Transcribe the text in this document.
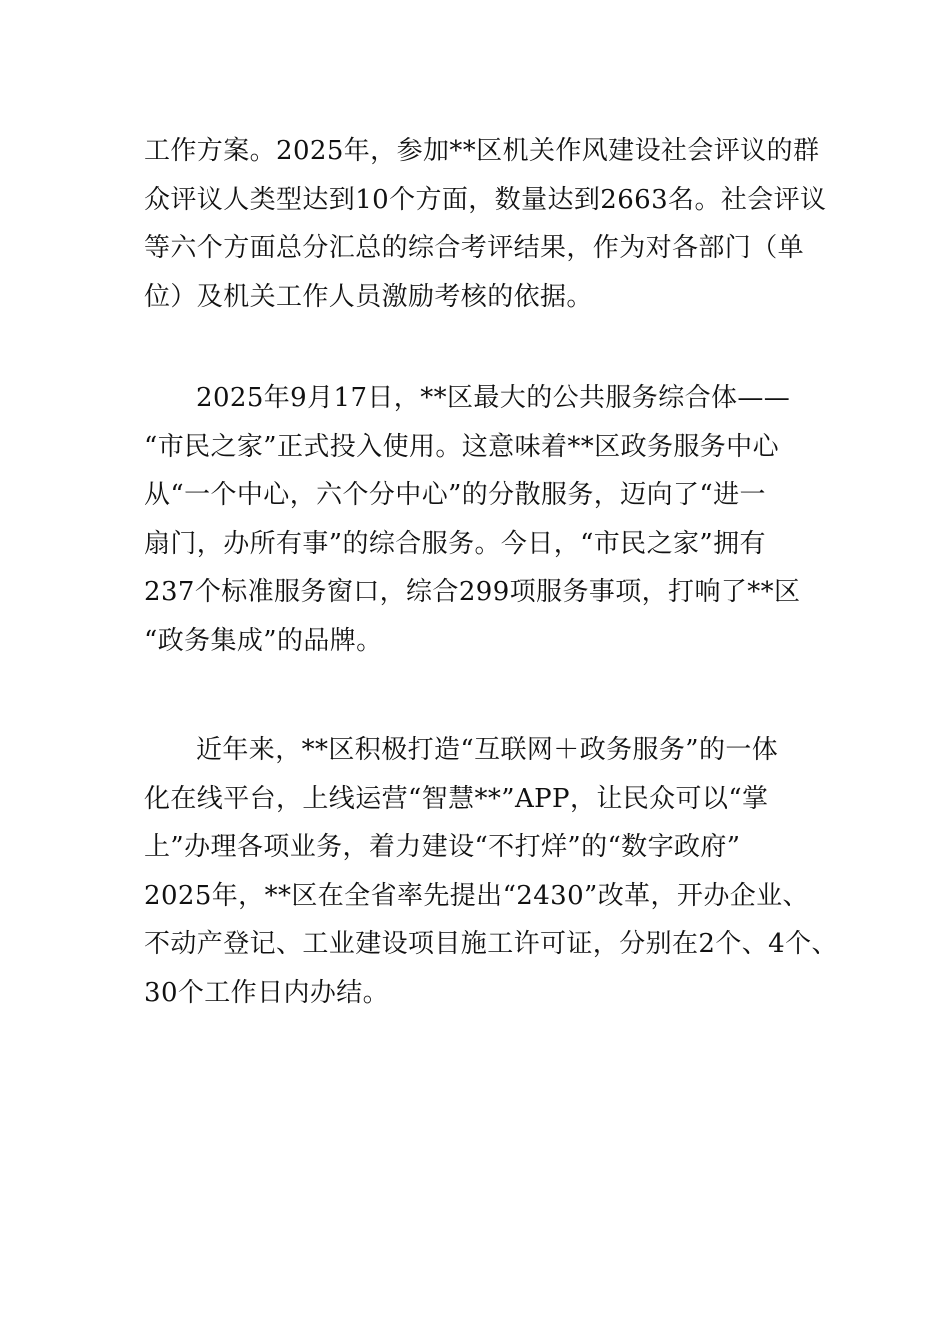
工作方案。2025年，参加**区机关作风建设社会评议的群
众评议人类型达到10个方面，数量达到2663名。社会评议
等六个方面总分汇总的综合考评结果，作为对各部门（单
位）及机关工作人员激励考核的依据。
2025年9月17日，**区最大的公共服务综合体——
“市民之家”正式投入使用。这意味着**区政务服务中心
从“一个中心，六个分中心”的分散服务，迈向了“进一
扇门，办所有事”的综合服务。今日，“市民之家”拥有
237个标准服务窗口，综合299项服务事项，打响了**区
“政务集成”的品牌。
近年来，**区积极打造“互联网＋政务服务”的一体
化在线平台，上线运营“智慧**”APP，让民众可以“掌
上”办理各项业务，着力建设“不打烊”的“数字政府”
2025年，**区在全省率先提出“2430”改革，开办企业、
不动产登记、工业建设项目施工许可证，分别在2个、4个、
30个工作日内办结。
